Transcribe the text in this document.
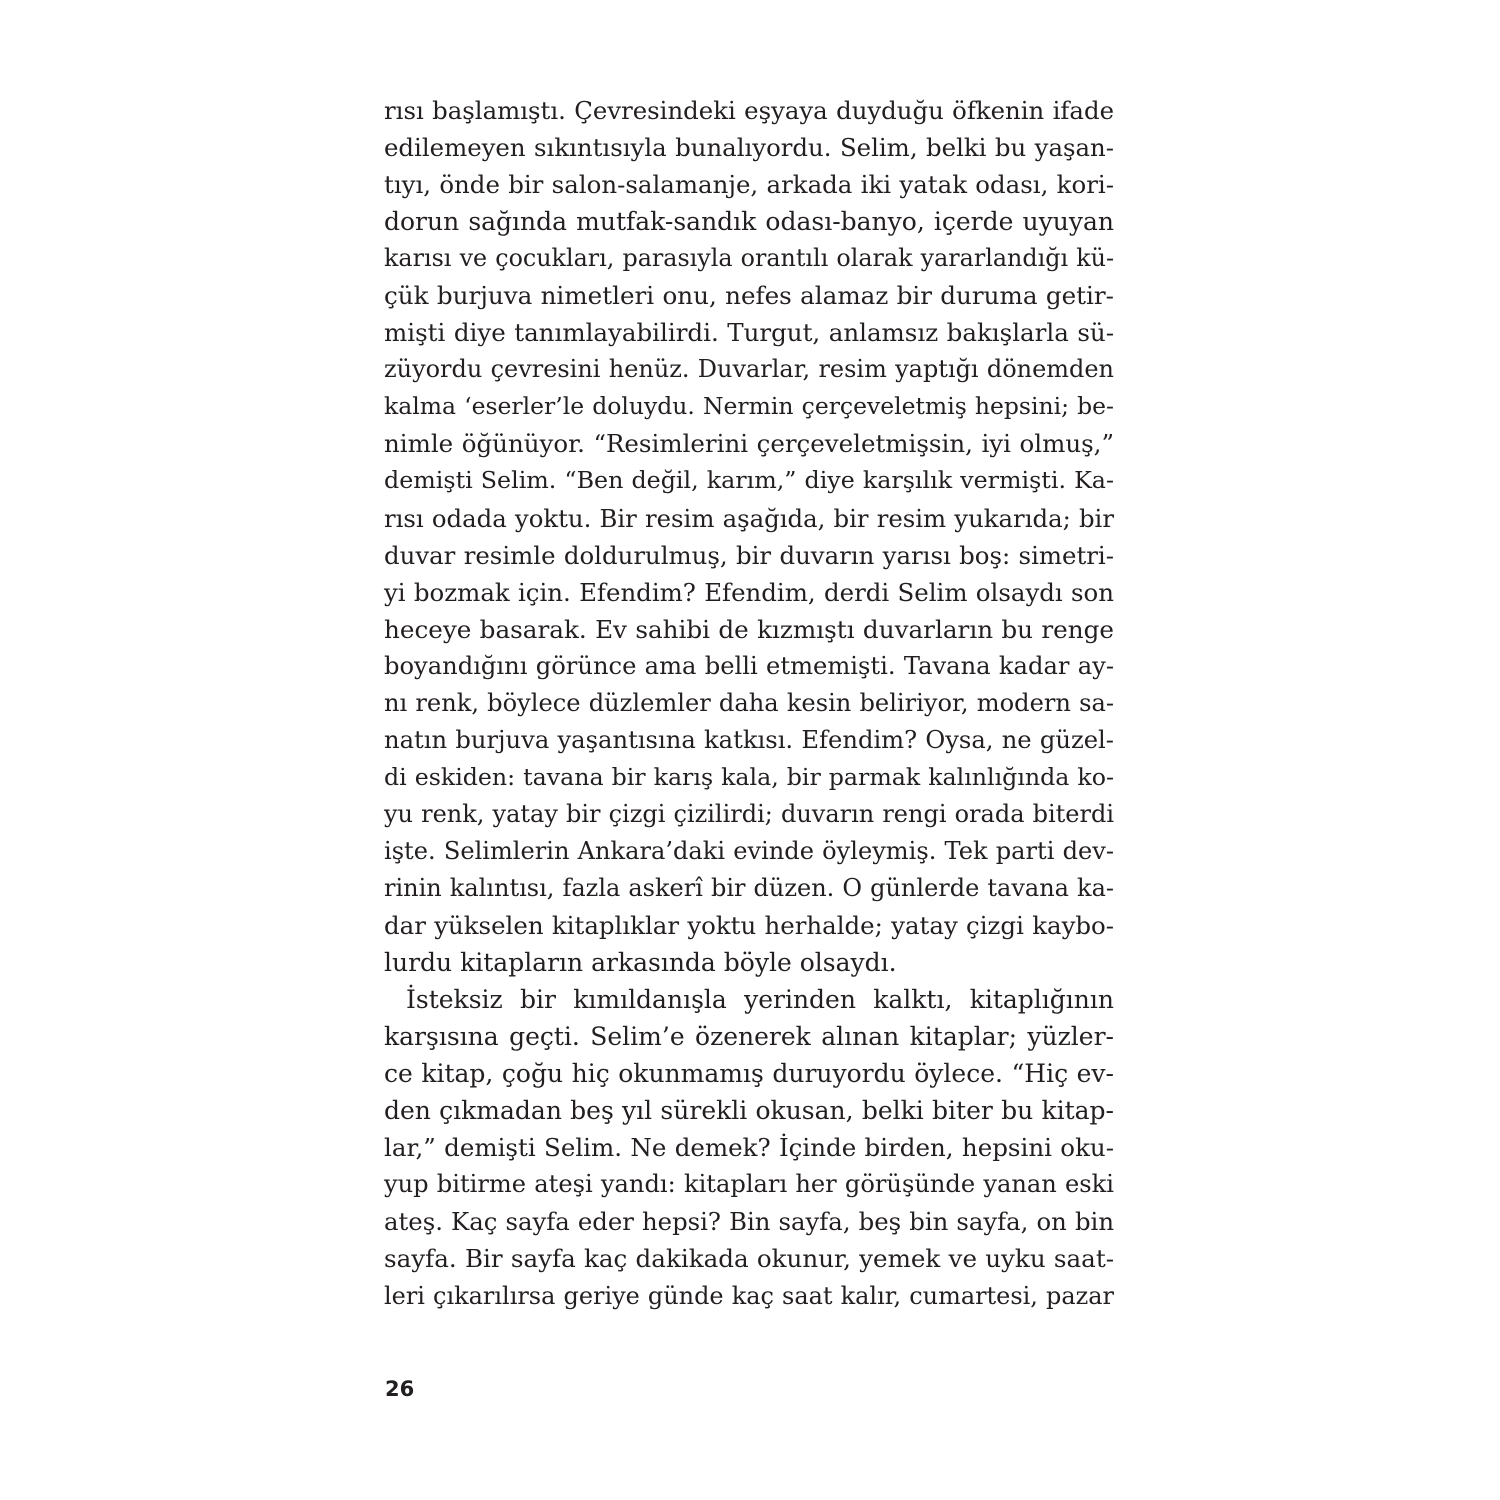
rısı başlamıştı. Çevresindeki eşyaya duyduğu öfkenin ifade
edilemeyen sıkıntısıyla bunalıyordu. Selim, belki bu yaşan-
tıyı, önde bir salon-salamanje, arkada iki yatak odası, kori-
dorun sağında mutfak-sandık odası-banyo, içerde uyuyan
karısı ve çocukları, parasıyla orantılı olarak yararlandığı kü-
çük burjuva nimetleri onu, nefes alamaz bir duruma getir-
mişti diye tanımlayabilirdi. Turgut, anlamsız bakışlarla sü-
züyordu çevresini henüz. Duvarlar, resim yaptığı dönemden
kalma ‘eserler’le doluydu. Nermin çerçeveletmiş hepsini; be-
nimle öğünüyor. “Resimlerini çerçeveletmişsin, iyi olmuş,”
demişti Selim. “Ben değil, karım,” diye karşılık vermişti. Ka-
rısı odada yoktu. Bir resim aşağıda, bir resim yukarıda; bir
duvar resimle doldurulmuş, bir duvarın yarısı boş: simetri-
yi bozmak için. Efendim? Efendim, derdi Selim olsaydı son
heceye basarak. Ev sahibi de kızmıştı duvarların bu renge
boyandığını görünce ama belli etmemişti. Tavana kadar ay-
nı renk, böylece düzlemler daha kesin beliriyor, modern sa-
natın burjuva yaşantısına katkısı. Efendim? Oysa, ne güzel-
di eskiden: tavana bir karış kala, bir parmak kalınlığında ko-
yu renk, yatay bir çizgi çizilirdi; duvarın rengi orada biterdi
işte. Selimlerin Ankara’daki evinde öyleymiş. Tek parti dev-
rinin kalıntısı, fazla askerî bir düzen. O günlerde tavana ka-
dar yükselen kitaplıklar yoktu herhalde; yatay çizgi kaybo-
lurdu kitapların arkasında böyle olsaydı.
İsteksiz bir kımıldanışla yerinden kalktı, kitaplığının
karşısına geçti. Selim’e özenerek alınan kitaplar; yüzler-
ce kitap, çoğu hiç okunmamış duruyordu öylece. “Hiç ev-
den çıkmadan beş yıl sürekli okusan, belki biter bu kitap-
lar,” demişti Selim. Ne demek? İçinde birden, hepsini oku-
yup bitirme ateşi yandı: kitapları her görüşünde yanan eski
ateş. Kaç sayfa eder hepsi? Bin sayfa, beş bin sayfa, on bin
sayfa. Bir sayfa kaç dakikada okunur, yemek ve uyku saat-
leri çıkarılırsa geriye günde kaç saat kalır, cumartesi, pazar
26
